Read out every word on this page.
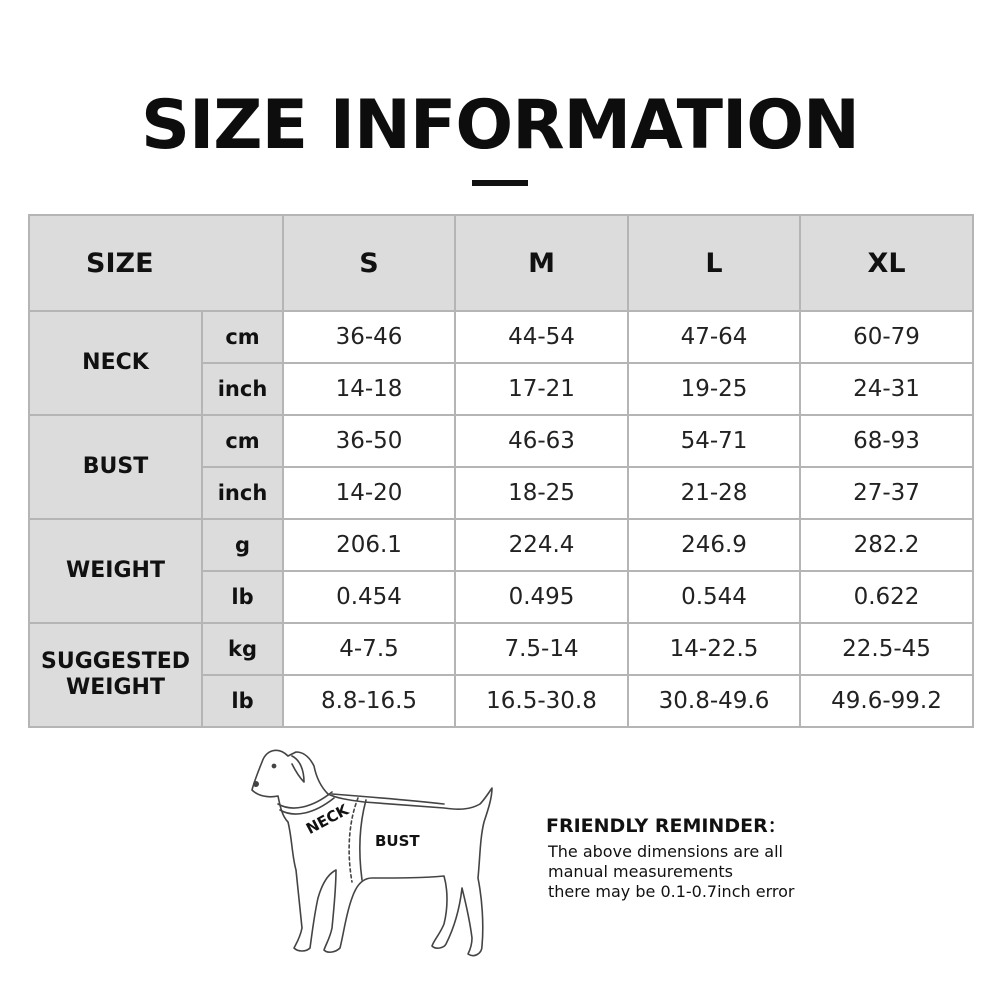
SIZE INFORMATION
SIZE		S	M	L	XL
NECK	cm	36-46	44-54	47-64	60-79
	inch	14-18	17-21	19-25	24-31
BUST	cm	36-50	46-63	54-71	68-93
	inch	14-20	18-25	21-28	27-37
WEIGHT	g	206.1	224.4	246.9	282.2
	lb	0.454	0.495	0.544	0.622
SUGGESTED
WEIGHT	kg	4-7.5	7.5-14	14-22.5	22.5-45
	lb	8.8-16.5	16.5-30.8	30.8-49.6	49.6-99.2
NECK
BUST
FRIENDLY REMINDER：
The above dimensions are all
manual measurements
there may be 0.1-0.7inch error
